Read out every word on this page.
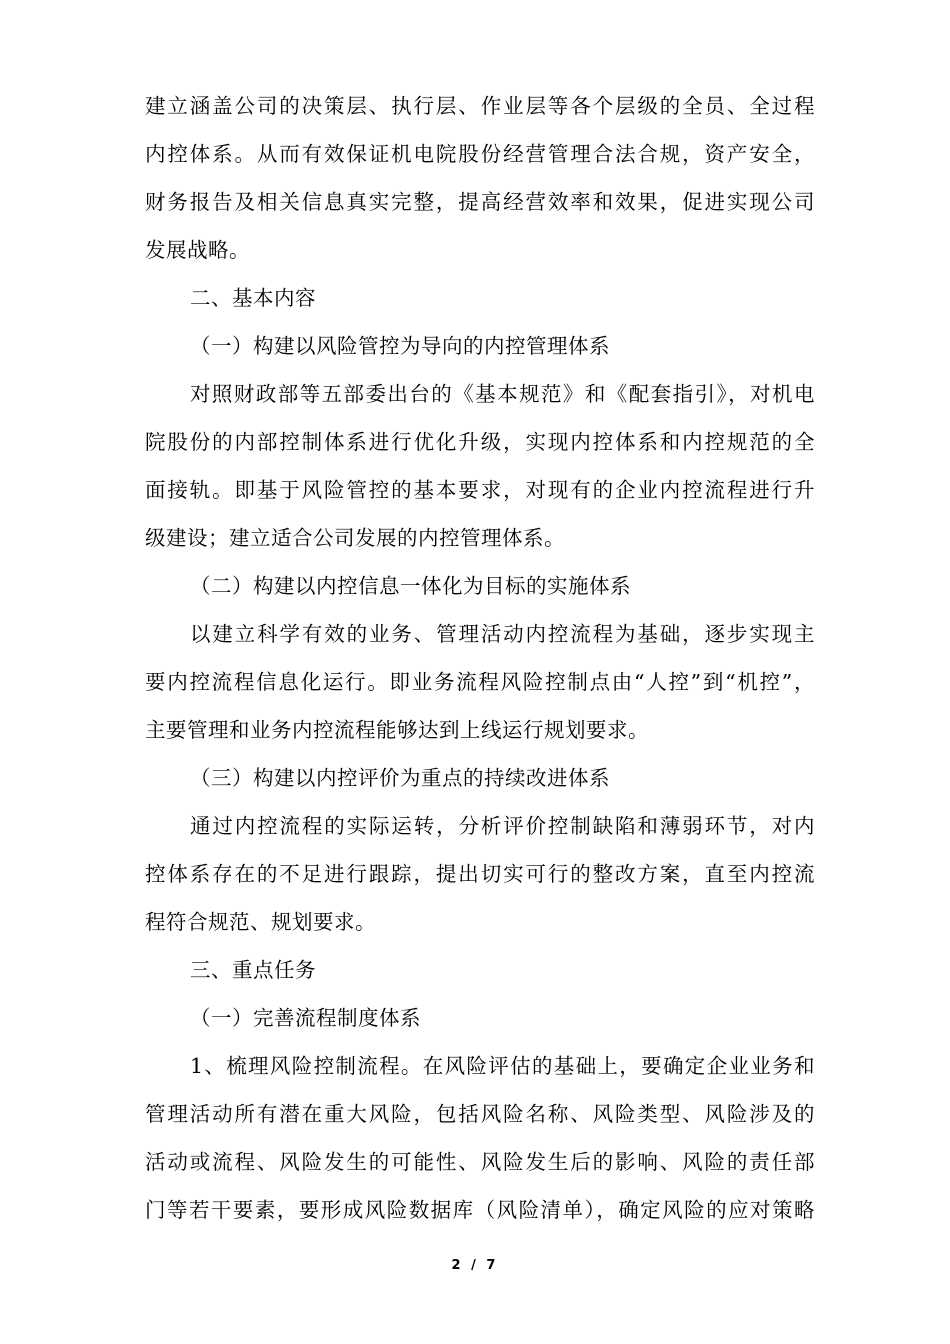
建立涵盖公司的决策层、执行层、作业层等各个层级的全员、全过程
内控体系。从而有效保证机电院股份经营管理合法合规，资产安全，
财务报告及相关信息真实完整，提高经营效率和效果，促进实现公司
发展战略。
二、基本内容
（一）构建以风险管控为导向的内控管理体系
对照财政部等五部委出台的《基本规范》和《配套指引》，对机电
院股份的内部控制体系进行优化升级，实现内控体系和内控规范的全
面接轨。即基于风险管控的基本要求，对现有的企业内控流程进行升
级建设；建立适合公司发展的内控管理体系。
（二）构建以内控信息一体化为目标的实施体系
以建立科学有效的业务、管理活动内控流程为基础，逐步实现主
要内控流程信息化运行。即业务流程风险控制点由“人控”到“机控”，
主要管理和业务内控流程能够达到上线运行规划要求。
（三）构建以内控评价为重点的持续改进体系
通过内控流程的实际运转，分析评价控制缺陷和薄弱环节，对内
控体系存在的不足进行跟踪，提出切实可行的整改方案，直至内控流
程符合规范、规划要求。
三、重点任务
（一）完善流程制度体系
1、梳理风险控制流程。在风险评估的基础上，要确定企业业务和
管理活动所有潜在重大风险，包括风险名称、风险类型、风险涉及的
活动或流程、风险发生的可能性、风险发生后的影响、风险的责任部
门等若干要素，要形成风险数据库（风险清单），确定风险的应对策略
2 / 7
